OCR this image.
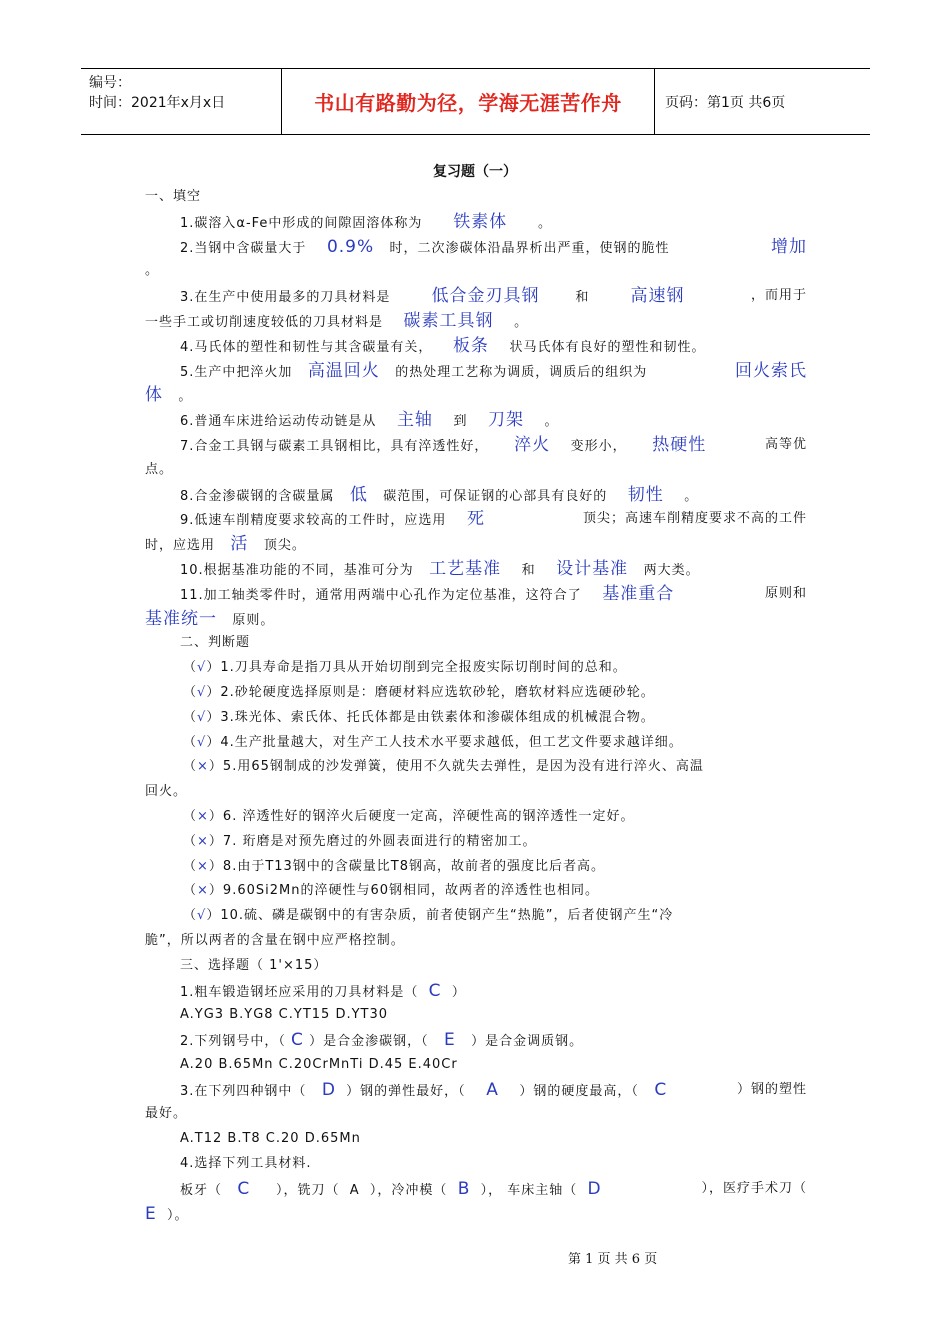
编号：
时间：2021年x月x日	书山有路勤为径，学海无涯苦作舟	页码：第1页 共6页
复习题（一）
一、填空
1.碳溶入α-Fe中形成的间隙固溶体称为 铁素体 。
2.当钢中含碳量大于 0.9% 时，二次渗碳体沿晶界析出严重，使钢的脆性	增加
。
3.在生产中使用最多的刀具材料是 低合金刃具钢	和 高速钢	，而用于
一些手工或切削速度较低的刀具材料是 碳素工具钢 。
4.马氏体的塑性和韧性与其含碳量有关， 板条 状马氏体有良好的塑性和韧性。
5.生产中把淬火加 高温回火 的热处理工艺称为调质，调质后的组织为	回火索氏
体 。
6.普通车床进给运动传动链是从 主轴 到 刀架 。
7.合金工具钢与碳素工具钢相比，具有淬透性好， 淬火 变形小， 热硬性	高等优
点。
8.合金渗碳钢的含碳量属 低 碳范围，可保证钢的心部具有良好的 韧性 。
9.低速车削精度要求较高的工件时，应选用 死	顶尖；高速车削精度要求不高的工件
时，应选用 活 顶尖。
10.根据基准功能的不同，基准可分为 工艺基准 和 设计基准 两大类。
11.加工轴类零件时，通常用两端中心孔作为定位基准，这符合了 基准重合	原则和
基准统一 原则。
二、判断题
（√）1.刀具寿命是指刀具从开始切削到完全报废实际切削时间的总和。
（√）2.砂轮硬度选择原则是：磨硬材料应选软砂轮，磨软材料应选硬砂轮。
（√）3.珠光体、索氏体、托氏体都是由铁素体和渗碳体组成的机械混合物。
（√）4.生产批量越大，对生产工人技术水平要求越低，但工艺文件要求越详细。
（×）5.用65钢制成的沙发弹簧，使用不久就失去弹性，是因为没有进行淬火、高温
回火。
（×）6. 淬透性好的钢淬火后硬度一定高，淬硬性高的钢淬透性一定好。
（×）7. 珩磨是对预先磨过的外圆表面进行的精密加工。
（×）8.由于T13钢中的含碳量比T8钢高，故前者的强度比后者高。
（×）9.60Si2Mn的淬硬性与60钢相同，故两者的淬透性也相同。
（√）10.硫、磷是碳钢中的有害杂质，前者使钢产生“热脆”，后者使钢产生“冷
脆”，所以两者的含量在钢中应严格控制。
三、选择题（ 1'×15）
1.粗车锻造钢坯应采用的刀具材料是（ C ）
A.YG3 B.YG8 C.YT15 D.YT30
2.下列钢号中，（ C ）是合金渗碳钢，（ E ）是合金调质钢。
A.20 B.65Mn C.20CrMnTi D.45 E.40Cr
3.在下列四种钢中（ D ）钢的弹性最好，（ A ）钢的硬度最高，（ C	）钢的塑性
最好。
A.T12 B.T8 C.20 D.65Mn
4.选择下列工具材料.
板牙（ C ），铣刀（ A ），冷冲模（ B ）， 车床主轴（ D	），医疗手术刀（
E ）。
第 1 页 共 6 页
